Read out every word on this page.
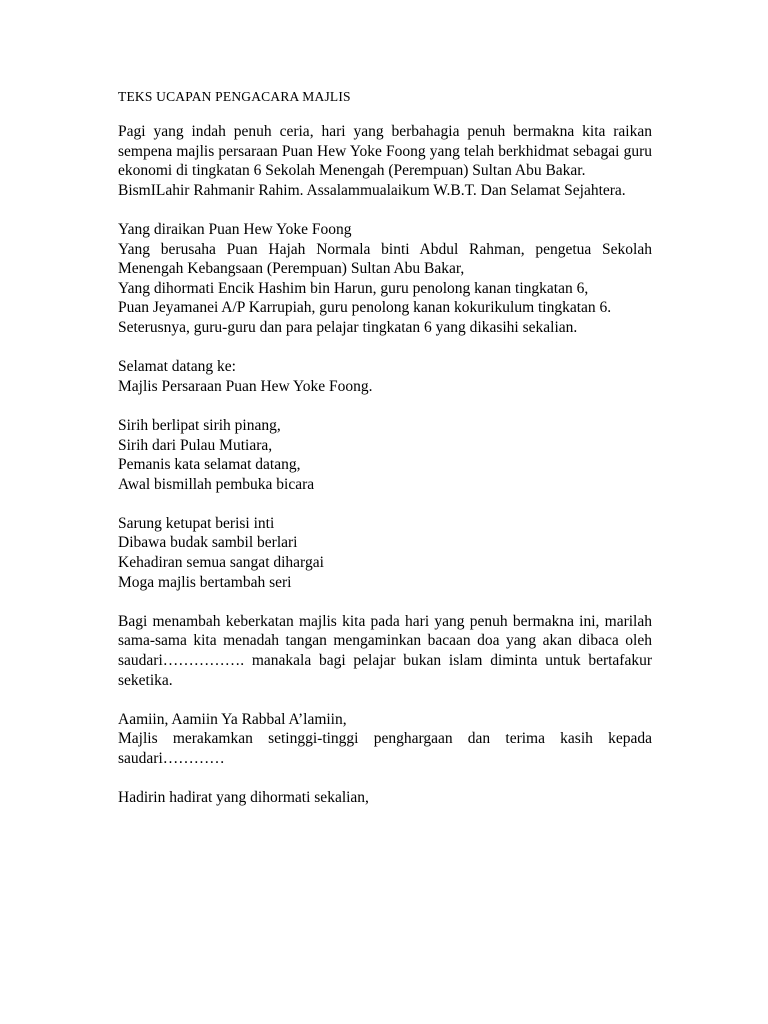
TEKS UCAPAN PENGACARA MAJLIS

Pagi yang indah penuh ceria, hari yang berbahagia penuh bermakna kita raikan sempena majlis persaraan Puan Hew Yoke Foong yang telah berkhidmat sebagai guru ekonomi di tingkatan 6 Sekolah Menengah (Perempuan) Sultan Abu Bakar.

BismILahir Rahmanir Rahim. Assalammualaikum W.B.T. Dan Selamat Sejahtera.

Yang diraikan Puan Hew Yoke Foong

Yang berusaha Puan Hajah Normala binti Abdul Rahman, pengetua Sekolah Menengah Kebangsaan (Perempuan) Sultan Abu Bakar,

Yang dihormati Encik Hashim bin Harun, guru penolong kanan tingkatan 6,

Puan Jeyamanei A/P Karrupiah, guru penolong kanan kokurikulum tingkatan 6.

Seterusnya, guru-guru dan para pelajar tingkatan 6 yang dikasihi sekalian.

Selamat datang ke:

Majlis Persaraan Puan Hew Yoke Foong.

Sirih berlipat sirih pinang,

Sirih dari Pulau Mutiara,

Pemanis kata selamat datang,

Awal bismillah pembuka bicara

Sarung ketupat berisi inti

Dibawa budak sambil berlari

Kehadiran semua sangat dihargai

Moga majlis bertambah seri

Bagi menambah keberkatan majlis kita pada hari yang penuh bermakna ini, marilah sama-sama kita menadah tangan mengaminkan bacaan doa yang akan dibaca oleh saudari……………. manakala bagi pelajar bukan islam diminta untuk bertafakur seketika.

Aamiin, Aamiin Ya Rabbal A’lamiin,

Majlis merakamkan setinggi-tinggi penghargaan dan terima kasih kepada saudari…………

Hadirin hadirat yang dihormati sekalian,
